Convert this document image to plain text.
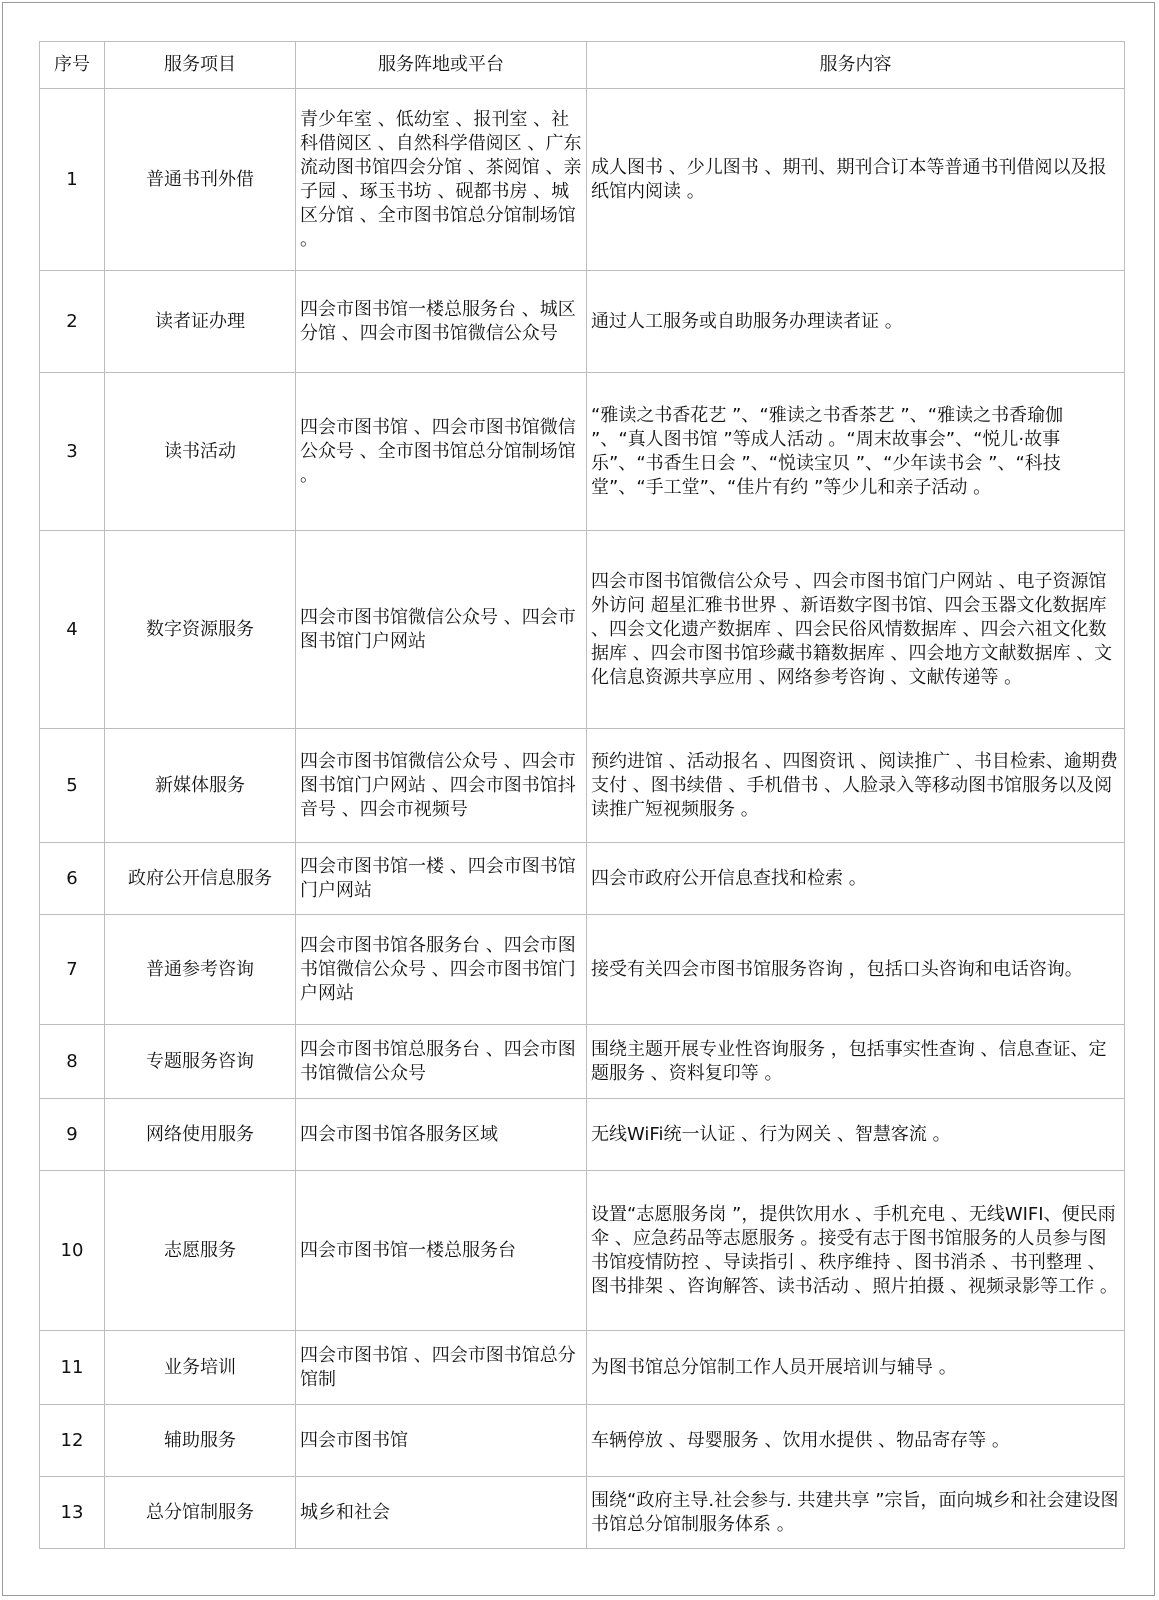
序号	服务项目	服务阵地或平台	服务内容
1	普通书刊外借	青少年室 、低幼室 、报刊室 、社科借阅区 、自然科学借阅区 、广东流动图书馆四会分馆 、茶阅馆 、亲子园 、琢玉书坊 、砚都书房 、城区分馆 、全市图书馆总分馆制场馆 。	成人图书 、少儿图书 、期刊、期刊合订本等普通书刊借阅以及报纸馆内阅读 。
2	读者证办理	四会市图书馆一楼总服务台 、城区分馆 、四会市图书馆微信公众号	通过人工服务或自助服务办理读者证 。
3	读书活动	四会市图书馆 、四会市图书馆微信公众号 、全市图书馆总分馆制场馆 。	“雅读之书香花艺 ”、“雅读之书香茶艺 ”、“雅读之书香瑜伽 ”、“真人图书馆 ”等成人活动 。“周末故事会”、“悦儿·故事乐”、“书香生日会 ”、“悦读宝贝 ”、“少年读书会 ”、“科技堂”、“手工堂”、“佳片有约 ”等少儿和亲子活动 。
4	数字资源服务	四会市图书馆微信公众号 、四会市图书馆门户网站	四会市图书馆微信公众号 、四会市图书馆门户网站 、电子资源馆外访问 超星汇雅书世界 、新语数字图书馆、四会玉器文化数据库 、四会文化遗产数据库 、四会民俗风情数据库 、四会六祖文化数据库 、四会市图书馆珍藏书籍数据库 、四会地方文献数据库 、文化信息资源共享应用 、网络参考咨询 、文献传递等 。
5	新媒体服务	四会市图书馆微信公众号 、四会市图书馆门户网站 、四会市图书馆抖音号 、四会市视频号	预约进馆 、活动报名 、四图资讯 、阅读推广 、书目检索、逾期费支付 、图书续借 、手机借书 、人脸录入等移动图书馆服务以及阅读推广短视频服务 。
6	政府公开信息服务	四会市图书馆一楼 、四会市图书馆门户网站	四会市政府公开信息查找和检索 。
7	普通参考咨询	四会市图书馆各服务台 、四会市图书馆微信公众号 、四会市图书馆门户网站	接受有关四会市图书馆服务咨询 ，包括口头咨询和电话咨询。
8	专题服务咨询	四会市图书馆总服务台 、四会市图书馆微信公众号	围绕主题开展专业性咨询服务 ，包括事实性查询 、信息查证、定题服务 、资料复印等 。
9	网络使用服务	四会市图书馆各服务区域	无线WiFi统一认证 、行为网关 、智慧客流 。
10	志愿服务	四会市图书馆一楼总服务台	设置“志愿服务岗 ”，提供饮用水 、手机充电 、无线WIFI、便民雨伞 、应急药品等志愿服务 。接受有志于图书馆服务的人员参与图书馆疫情防控 、导读指引 、秩序维持 、图书消杀 、书刊整理 、图书排架 、咨询解答、读书活动 、照片拍摄 、视频录影等工作 。
11	业务培训	四会市图书馆 、四会市图书馆总分馆制	为图书馆总分馆制工作人员开展培训与辅导 。
12	辅助服务	四会市图书馆	车辆停放 、母婴服务 、饮用水提供 、物品寄存等 。
13	总分馆制服务	城乡和社会	围绕“政府主导.社会参与. 共建共享 ”宗旨，面向城乡和社会建设图书馆总分馆制服务体系 。
